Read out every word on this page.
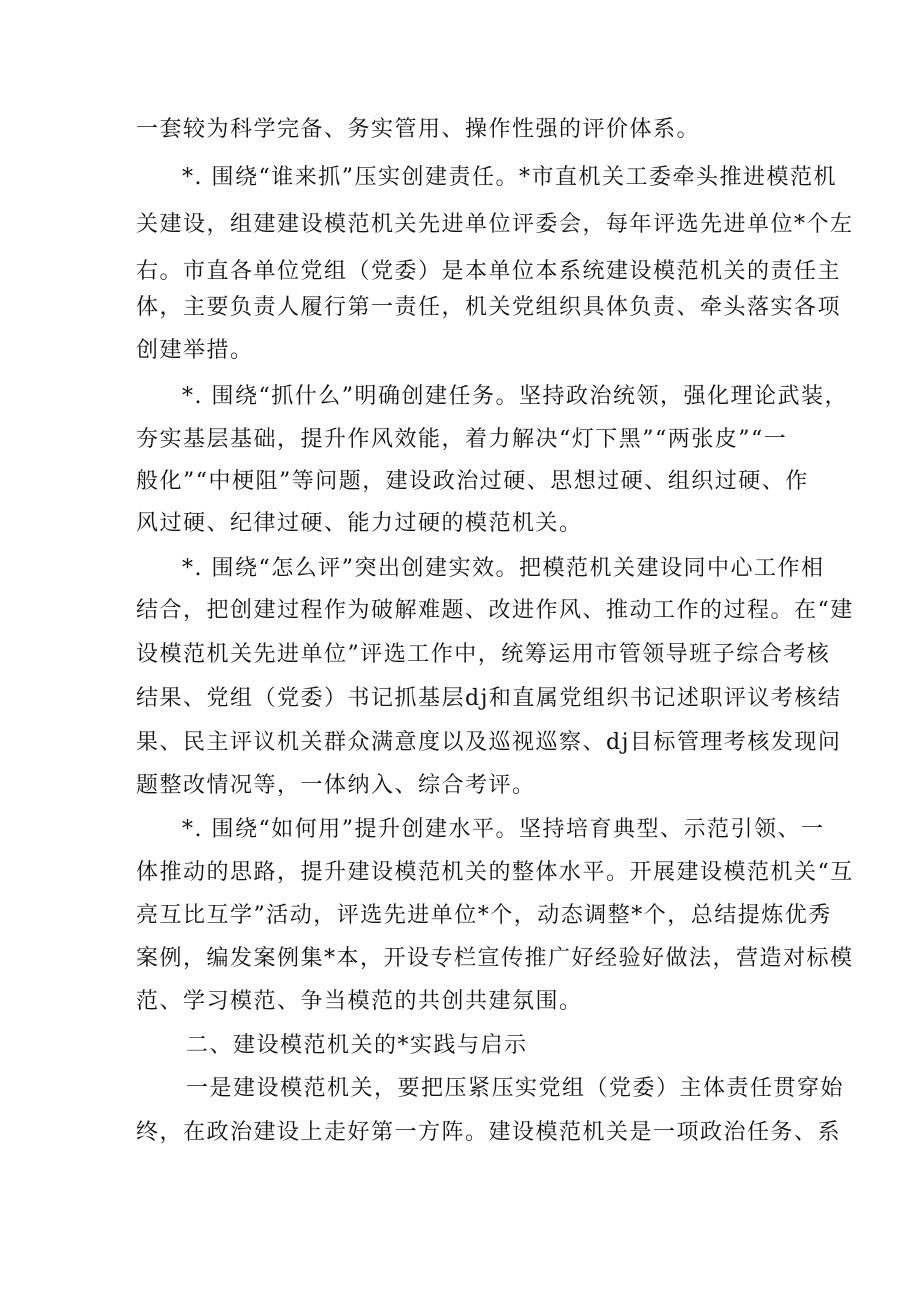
一套较为科学完备、务实管用、操作性强的评价体系。
*. 围绕“谁来抓”压实创建责任。*市直机关工委牵头推进模范机
关建设，组建建设模范机关先进单位评委会，每年评选先进单位*个左
右。市直各单位党组（党委）是本单位本系统建设模范机关的责任主
体，主要负责人履行第一责任，机关党组织具体负责、牵头落实各项
创建举措。
*. 围绕“抓什么”明确创建任务。坚持政治统领，强化理论武装，
夯实基层基础，提升作风效能，着力解决“灯下黑”“两张皮”“一
般化”“中梗阻”等问题，建设政治过硬、思想过硬、组织过硬、作
风过硬、纪律过硬、能力过硬的模范机关。
*. 围绕“怎么评”突出创建实效。把模范机关建设同中心工作相
结合，把创建过程作为破解难题、改进作风、推动工作的过程。在“建
设模范机关先进单位”评选工作中，统筹运用市管领导班子综合考核
结果、党组（党委）书记抓基层dj和直属党组织书记述职评议考核结
果、民主评议机关群众满意度以及巡视巡察、dj目标管理考核发现问
题整改情况等，一体纳入、综合考评。
*. 围绕“如何用”提升创建水平。坚持培育典型、示范引领、一
体推动的思路，提升建设模范机关的整体水平。开展建设模范机关“互
亮互比互学”活动，评选先进单位*个，动态调整*个，总结提炼优秀
案例，编发案例集*本，开设专栏宣传推广好经验好做法，营造对标模
范、学习模范、争当模范的共创共建氛围。
二、建设模范机关的*实践与启示
一是建设模范机关，要把压紧压实党组（党委）主体责任贯穿始
终，在政治建设上走好第一方阵。建设模范机关是一项政治任务、系
